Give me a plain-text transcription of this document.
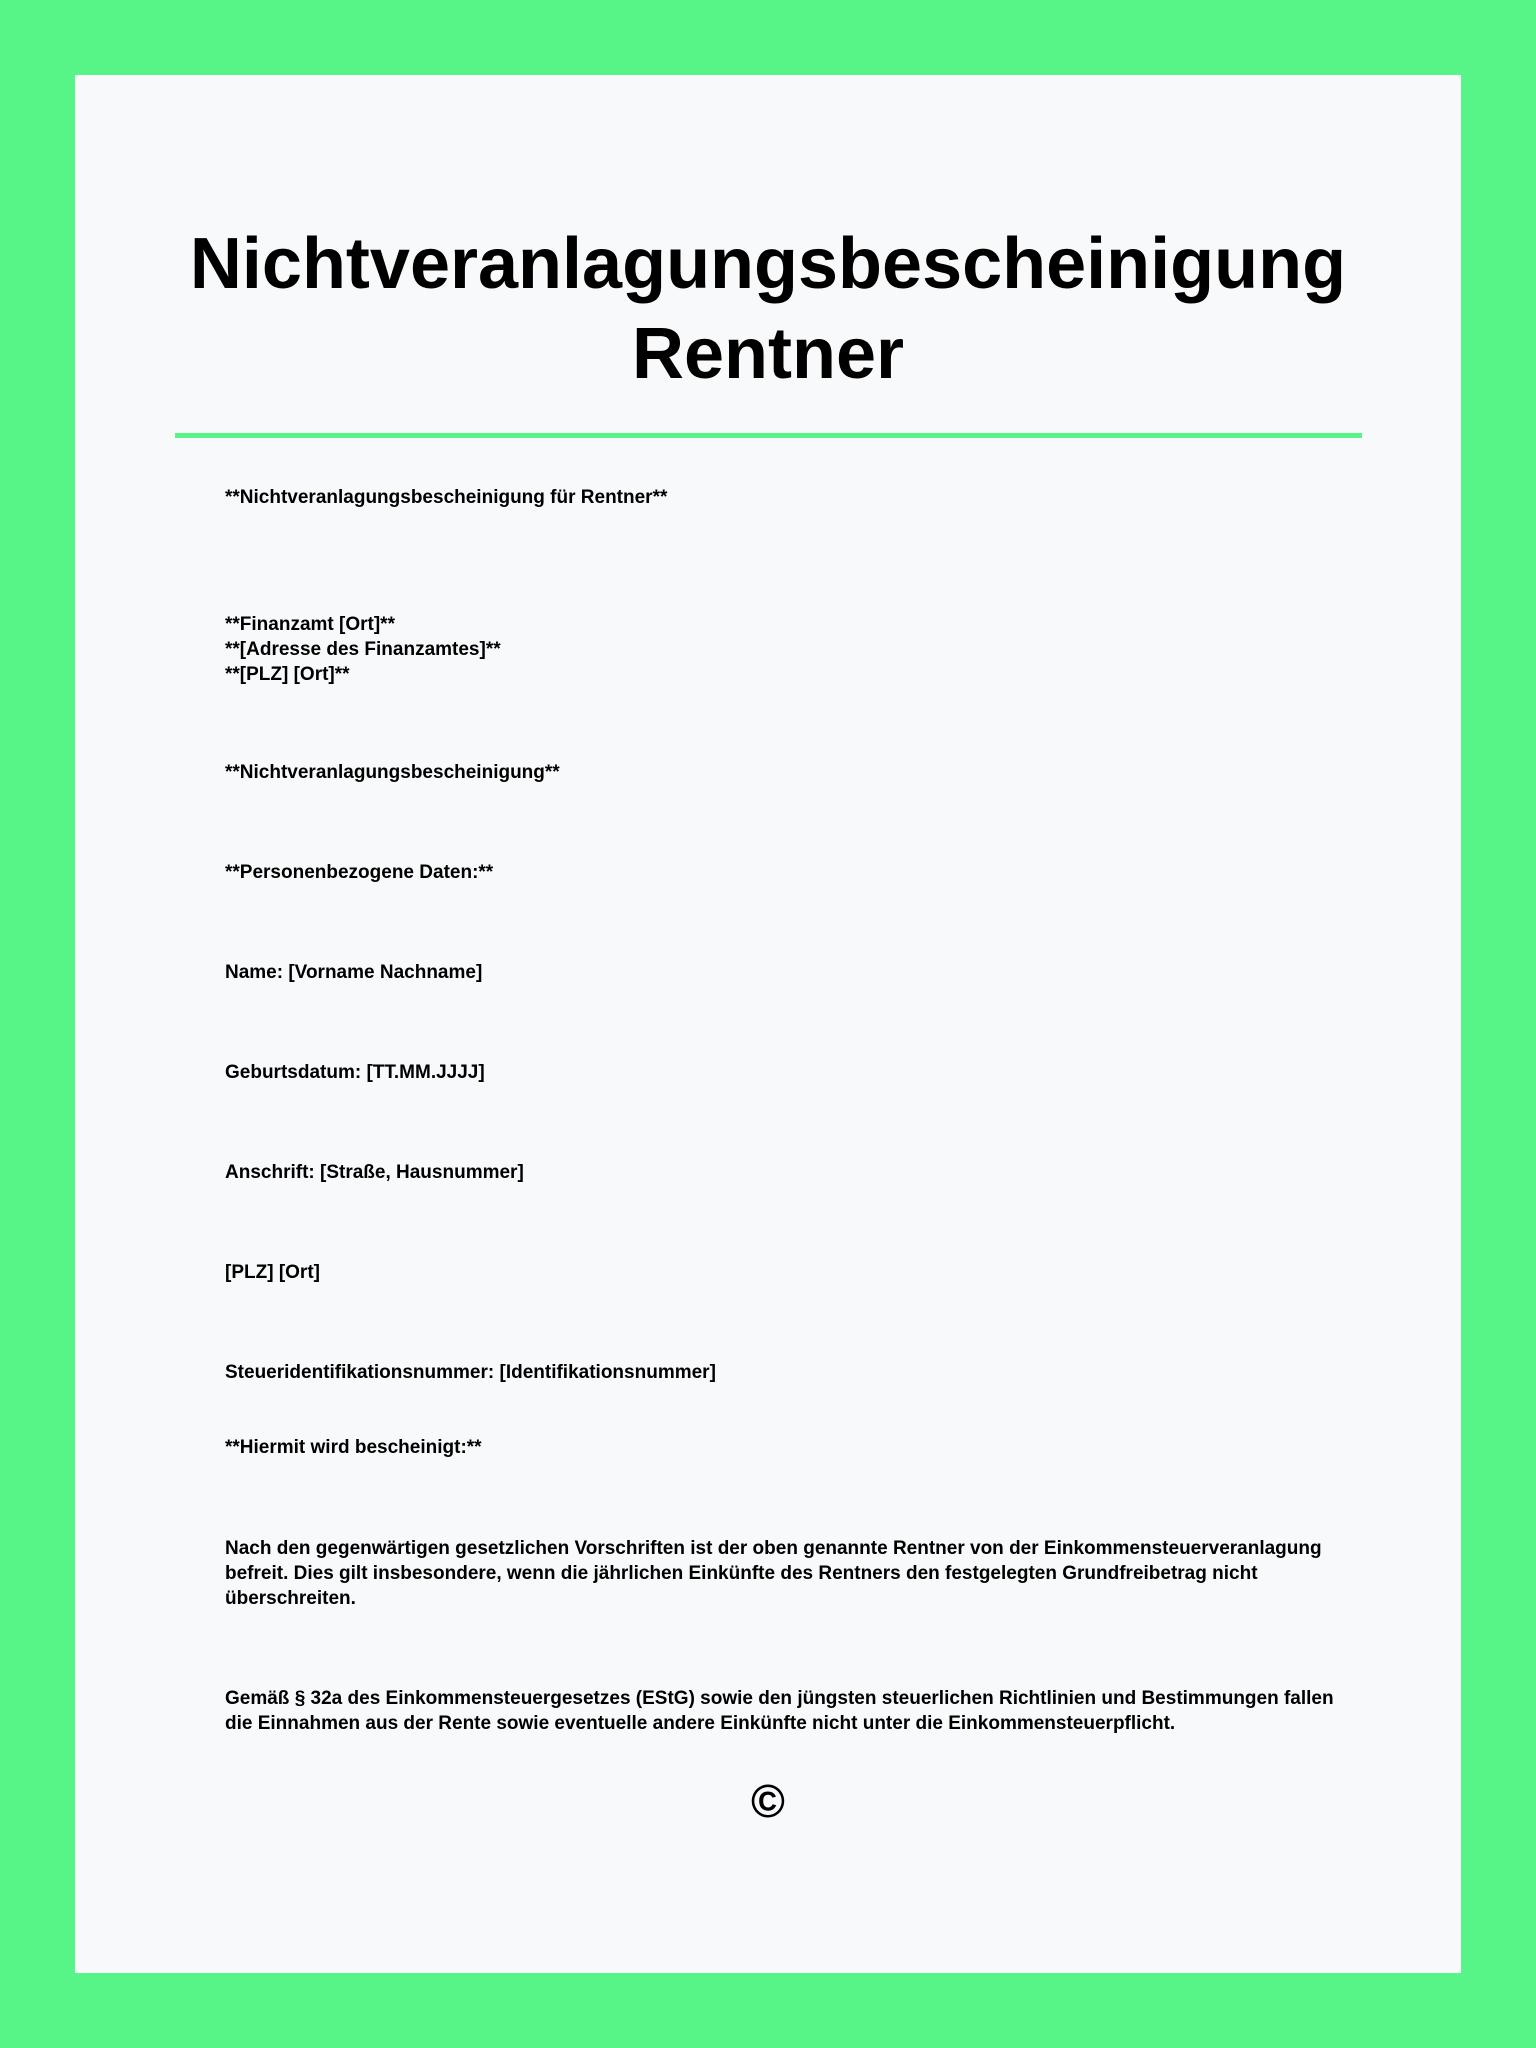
Nichtveranlagungsbescheinigung
Rentner

**Nichtveranlagungsbescheinigung für Rentner**

**Finanzamt [Ort]**
**[Adresse des Finanzamtes]**
**[PLZ] [Ort]**

**Nichtveranlagungsbescheinigung**

**Personenbezogene Daten:**

Name: [Vorname Nachname]

Geburtsdatum: [TT.MM.JJJJ]

Anschrift: [Straße, Hausnummer]

[PLZ] [Ort]

Steueridentifikationsnummer: [Identifikationsnummer]

**Hiermit wird bescheinigt:**

Nach den gegenwärtigen gesetzlichen Vorschriften ist der oben genannte Rentner von der Einkommensteuerveranlagung befreit. Dies gilt insbesondere, wenn die jährlichen Einkünfte des Rentners den festgelegten Grundfreibetrag nicht überschreiten.

Gemäß § 32a des Einkommensteuergesetzes (EStG) sowie den jüngsten steuerlichen Richtlinien und Bestimmungen fallen die Einnahmen aus der Rente sowie eventuelle andere Einkünfte nicht unter die Einkommensteuerpflicht.

©
